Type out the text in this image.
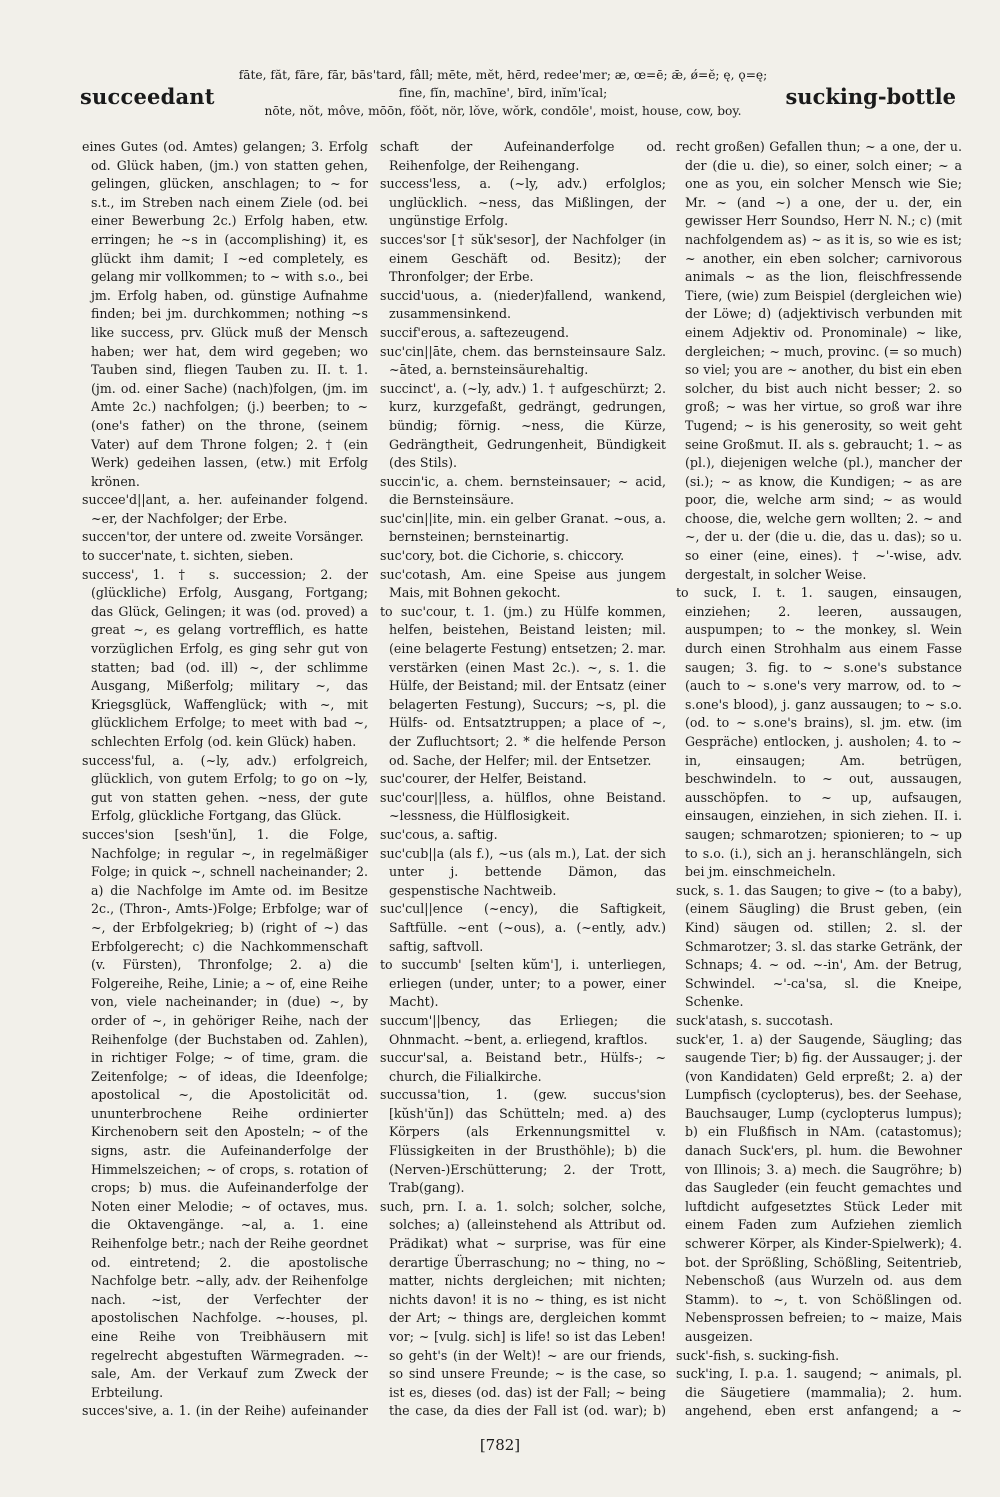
succeedant
fāte, făt, fāre, fār, bās'tard, fâll; mēte, mĕt, hērd, redee'mer; æ, œ=ē; ǣ, ǿ=ĕ; ę, ǫ=ę;
fīne, fĭn, machīne', bīrd, inĭm'ĭcal;
nōte, nŏt, môve, mōōn, fŏŏt, nör, lŏve, wŏrk, condōle', moist, house, cow, boy.
sucking-bottle

eines Gutes (od. Amtes) gelangen; 3. Erfolg od. Glück haben, (jm.) von statten gehen, gelingen, glücken, anschlagen; to ~ for s.t., im Streben nach einem Ziele (od. bei einer Bewerbung 2c.) Erfolg haben, etw. erringen; he ~s in (accomplishing) it, es glückt ihm damit; I ~ed completely, es gelang mir vollkommen; to ~ with s.o., bei jm. Erfolg haben, od. günstige Aufnahme finden; bei jm. durchkommen; nothing ~s like success, prv. Glück muß der Mensch haben; wer hat, dem wird gegeben; wo Tauben sind, fliegen Tauben zu. II. t. 1. (jm. od. einer Sache) (nach)folgen, (jm. im Amte 2c.) nachfolgen; (j.) beerben; to ~ (one's father) on the throne, (seinem Vater) auf dem Throne folgen; 2. † (ein Werk) gedeihen lassen, (etw.) mit Erfolg krönen.

succee'd||ant, a. her. aufeinander folgend. ~er, der Nachfolger; der Erbe.

succen'tor, der untere od. zweite Vorsänger.

to succer'nate, t. sichten, sieben.

success', 1. † s. succession; 2. der (glückliche) Erfolg, Ausgang, Fortgang; das Glück, Gelingen; it was (od. proved) a great ~, es gelang vortrefflich, es hatte vorzüglichen Erfolg, es ging sehr gut von statten; bad (od. ill) ~, der schlimme Ausgang, Mißerfolg; military ~, das Kriegsglück, Waffenglück; with ~, mit glücklichem Erfolge; to meet with bad ~, schlechten Erfolg (od. kein Glück) haben.

success'ful, a. (~ly, adv.) erfolgreich, glücklich, von gutem Erfolg; to go on ~ly, gut von statten gehen. ~ness, der gute Erfolg, glückliche Fortgang, das Glück.

succes'sion [sesh'ŭn], 1. die Folge, Nachfolge; in regular ~, in regelmäßiger Folge; in quick ~, schnell nacheinander; 2. a) die Nachfolge im Amte od. im Besitze 2c., (Thron-, Amts-)Folge; Erbfolge; war of ~, der Erbfolgekrieg; b) (right of ~) das Erbfolgerecht; c) die Nachkommenschaft (v. Fürsten), Thronfolge; 2. a) die Folgereihe, Reihe, Linie; a ~ of, eine Reihe von, viele nacheinander; in (due) ~, by order of ~, in gehöriger Reihe, nach der Reihenfolge (der Buchstaben od. Zahlen), in richtiger Folge; ~ of time, gram. die Zeitenfolge; ~ of ideas, die Ideenfolge; apostolical ~, die Apostolicität od. ununterbrochene Reihe ordinierter Kirchenobern seit den Aposteln; ~ of the signs, astr. die Aufeinanderfolge der Himmelszeichen; ~ of crops, s. rotation of crops; b) mus. die Aufeinanderfolge der Noten einer Melodie; ~ of octaves, mus. die Oktavengänge. ~al, a. 1. eine Reihenfolge betr.; nach der Reihe geordnet od. eintretend; 2. die apostolische Nachfolge betr. ~ally, adv. der Reihenfolge nach. ~ist, der Verfechter der apostolischen Nachfolge. ~-houses, pl. eine Reihe von Treibhäusern mit regelrecht abgestuften Wärmegraden. ~-sale, Am. der Verkauf zum Zweck der Erbteilung.

succes'sive, a. 1. (in der Reihe) aufeinander

schaft der Aufeinanderfolge od. Reihenfolge, der Reihengang.

success'less, a. (~ly, adv.) erfolglos; unglücklich. ~ness, das Mißlingen, der ungünstige Erfolg.

succes'sor [† sŭk'sesor], der Nachfolger (in einem Geschäft od. Besitz); der Thronfolger; der Erbe.

succid'uous, a. (nieder)fallend, wankend, zusammensinkend.

succif'erous, a. saftezeugend.

suc'cin||āte, chem. das bernsteinsaure Salz. ~āted, a. bernsteinsäurehaltig.

succinct', a. (~ly, adv.) 1. † aufgeschürzt; 2. kurz, kurzgefaßt, gedrängt, gedrungen, bündig; förnig. ~ness, die Kürze, Gedrängtheit, Gedrungenheit, Bündigkeit (des Stils).

succin'ic, a. chem. bernsteinsauer; ~ acid, die Bernsteinsäure.

suc'cin||ite, min. ein gelber Granat. ~ous, a. bernsteinen; bernsteinartig.

suc'cory, bot. die Cichorie, s. chiccory.

suc'cotash, Am. eine Speise aus jungem Mais, mit Bohnen gekocht.

to suc'cour, t. 1. (jm.) zu Hülfe kommen, helfen, beistehen, Beistand leisten; mil. (eine belagerte Festung) entsetzen; 2. mar. verstärken (einen Mast 2c.). ~, s. 1. die Hülfe, der Beistand; mil. der Entsatz (einer belagerten Festung), Succurs; ~s, pl. die Hülfs- od. Entsatztruppen; a place of ~, der Zufluchtsort; 2. * die helfende Person od. Sache, der Helfer; mil. der Entsetzer.

suc'courer, der Helfer, Beistand.

suc'cour||less, a. hülflos, ohne Beistand. ~lessness, die Hülflosigkeit.

suc'cous, a. saftig.

suc'cub||a (als f.), ~us (als m.), Lat. der sich unter j. bettende Dämon, das gespenstische Nachtweib.

suc'cul||ence (~ency), die Saftigkeit, Saftfülle. ~ent (~ous), a. (~ently, adv.) saftig, saftvoll.

to succumb' [selten kŭm'], i. unterliegen, erliegen (under, unter; to a power, einer Macht).

succum'||bency, das Erliegen; die Ohnmacht. ~bent, a. erliegend, kraftlos.

succur'sal, a. Beistand betr., Hülfs-; ~ church, die Filialkirche.

succussa'tion, 1. (gew. succus'sion [kŭsh'ŭn]) das Schütteln; med. a) des Körpers (als Erkennungsmittel v. Flüssigkeiten in der Brusthöhle); b) die (Nerven-)Erschütterung; 2. der Trott, Trab(gang).

such, prn. I. a. 1. solch; solcher, solche, solches; a) (alleinstehend als Attribut od. Prädikat) what ~ surprise, was für eine derartige Überraschung; no ~ thing, no ~ matter, nichts dergleichen; mit nichten; nichts davon! it is no ~ thing, es ist nicht der Art; ~ things are, dergleichen kommt vor; ~ [vulg. sich] is life! so ist das Leben! so geht's (in der Welt)! ~ are our friends, so sind unsere Freunde; ~ is the case, so ist es, dieses (od. das) ist der Fall; ~ being the case, da dies der Fall ist (od. war); b)

recht großen) Gefallen thun; ~ a one, der u. der (die u. die), so einer, solch einer; ~ a one as you, ein solcher Mensch wie Sie; Mr. ~ (and ~) a one, der u. der, ein gewisser Herr Soundso, Herr N. N.; c) (mit nachfolgendem as) ~ as it is, so wie es ist; ~ another, ein eben solcher; carnivorous animals ~ as the lion, fleischfressende Tiere, (wie) zum Beispiel (dergleichen wie) der Löwe; d) (adjektivisch verbunden mit einem Adjektiv od. Pronominale) ~ like, dergleichen; ~ much, provinc. (= so much) so viel; you are ~ another, du bist ein eben solcher, du bist auch nicht besser; 2. so groß; ~ was her virtue, so groß war ihre Tugend; ~ is his generosity, so weit geht seine Großmut. II. als s. gebraucht; 1. ~ as (pl.), diejenigen welche (pl.), mancher der (si.); ~ as know, die Kundigen; ~ as are poor, die, welche arm sind; ~ as would choose, die, welche gern wollten; 2. ~ and ~, der u. der (die u. die, das u. das); so u. so einer (eine, eines). † ~'-wise, adv. dergestalt, in solcher Weise.

to suck, I. t. 1. saugen, einsaugen, einziehen; 2. leeren, aussaugen, auspumpen; to ~ the monkey, sl. Wein durch einen Strohhalm aus einem Fasse saugen; 3. fig. to ~ s.one's substance (auch to ~ s.one's very marrow, od. to ~ s.one's blood), j. ganz aussaugen; to ~ s.o. (od. to ~ s.one's brains), sl. jm. etw. (im Gespräche) entlocken, j. ausholen; 4. to ~ in, einsaugen; Am. betrügen, beschwindeln. to ~ out, aussaugen, ausschöpfen. to ~ up, aufsaugen, einsaugen, einziehen, in sich ziehen. II. i. saugen; schmarotzen; spionieren; to ~ up to s.o. (i.), sich an j. heranschlängeln, sich bei jm. einschmeicheln.

suck, s. 1. das Saugen; to give ~ (to a baby), (einem Säugling) die Brust geben, (ein Kind) säugen od. stillen; 2. sl. der Schmarotzer; 3. sl. das starke Getränk, der Schnaps; 4. ~ od. ~-in', Am. der Betrug, Schwindel. ~'-ca'sa, sl. die Kneipe, Schenke.

suck'atash, s. succotash.

suck'er, 1. a) der Saugende, Säugling; das saugende Tier; b) fig. der Aussauger; j. der (von Kandidaten) Geld erpreßt; 2. a) der Lumpfisch (cyclopterus), bes. der Seehase, Bauchsauger, Lump (cyclopterus lumpus); b) ein Flußfisch in NAm. (catastomus); danach Suck'ers, pl. hum. die Bewohner von Illinois; 3. a) mech. die Saugröhre; b) das Saugleder (ein feucht gemachtes und luftdicht aufgesetztes Stück Leder mit einem Faden zum Aufziehen ziemlich schwerer Körper, als Kinder-Spielwerk); 4. bot. der Sprößling, Schößling, Seitentrieb, Nebenschoß (aus Wurzeln od. aus dem Stamm). to ~, t. von Schößlingen od. Nebensprossen befreien; to ~ maize, Mais ausgeizen.

suck'-fish, s. sucking-fish.

suck'ing, I. p.a. 1. saugend; ~ animals, pl. die Säugetiere (mammalia); 2. hum. angehend, eben erst anfangend; a ~

[782]
